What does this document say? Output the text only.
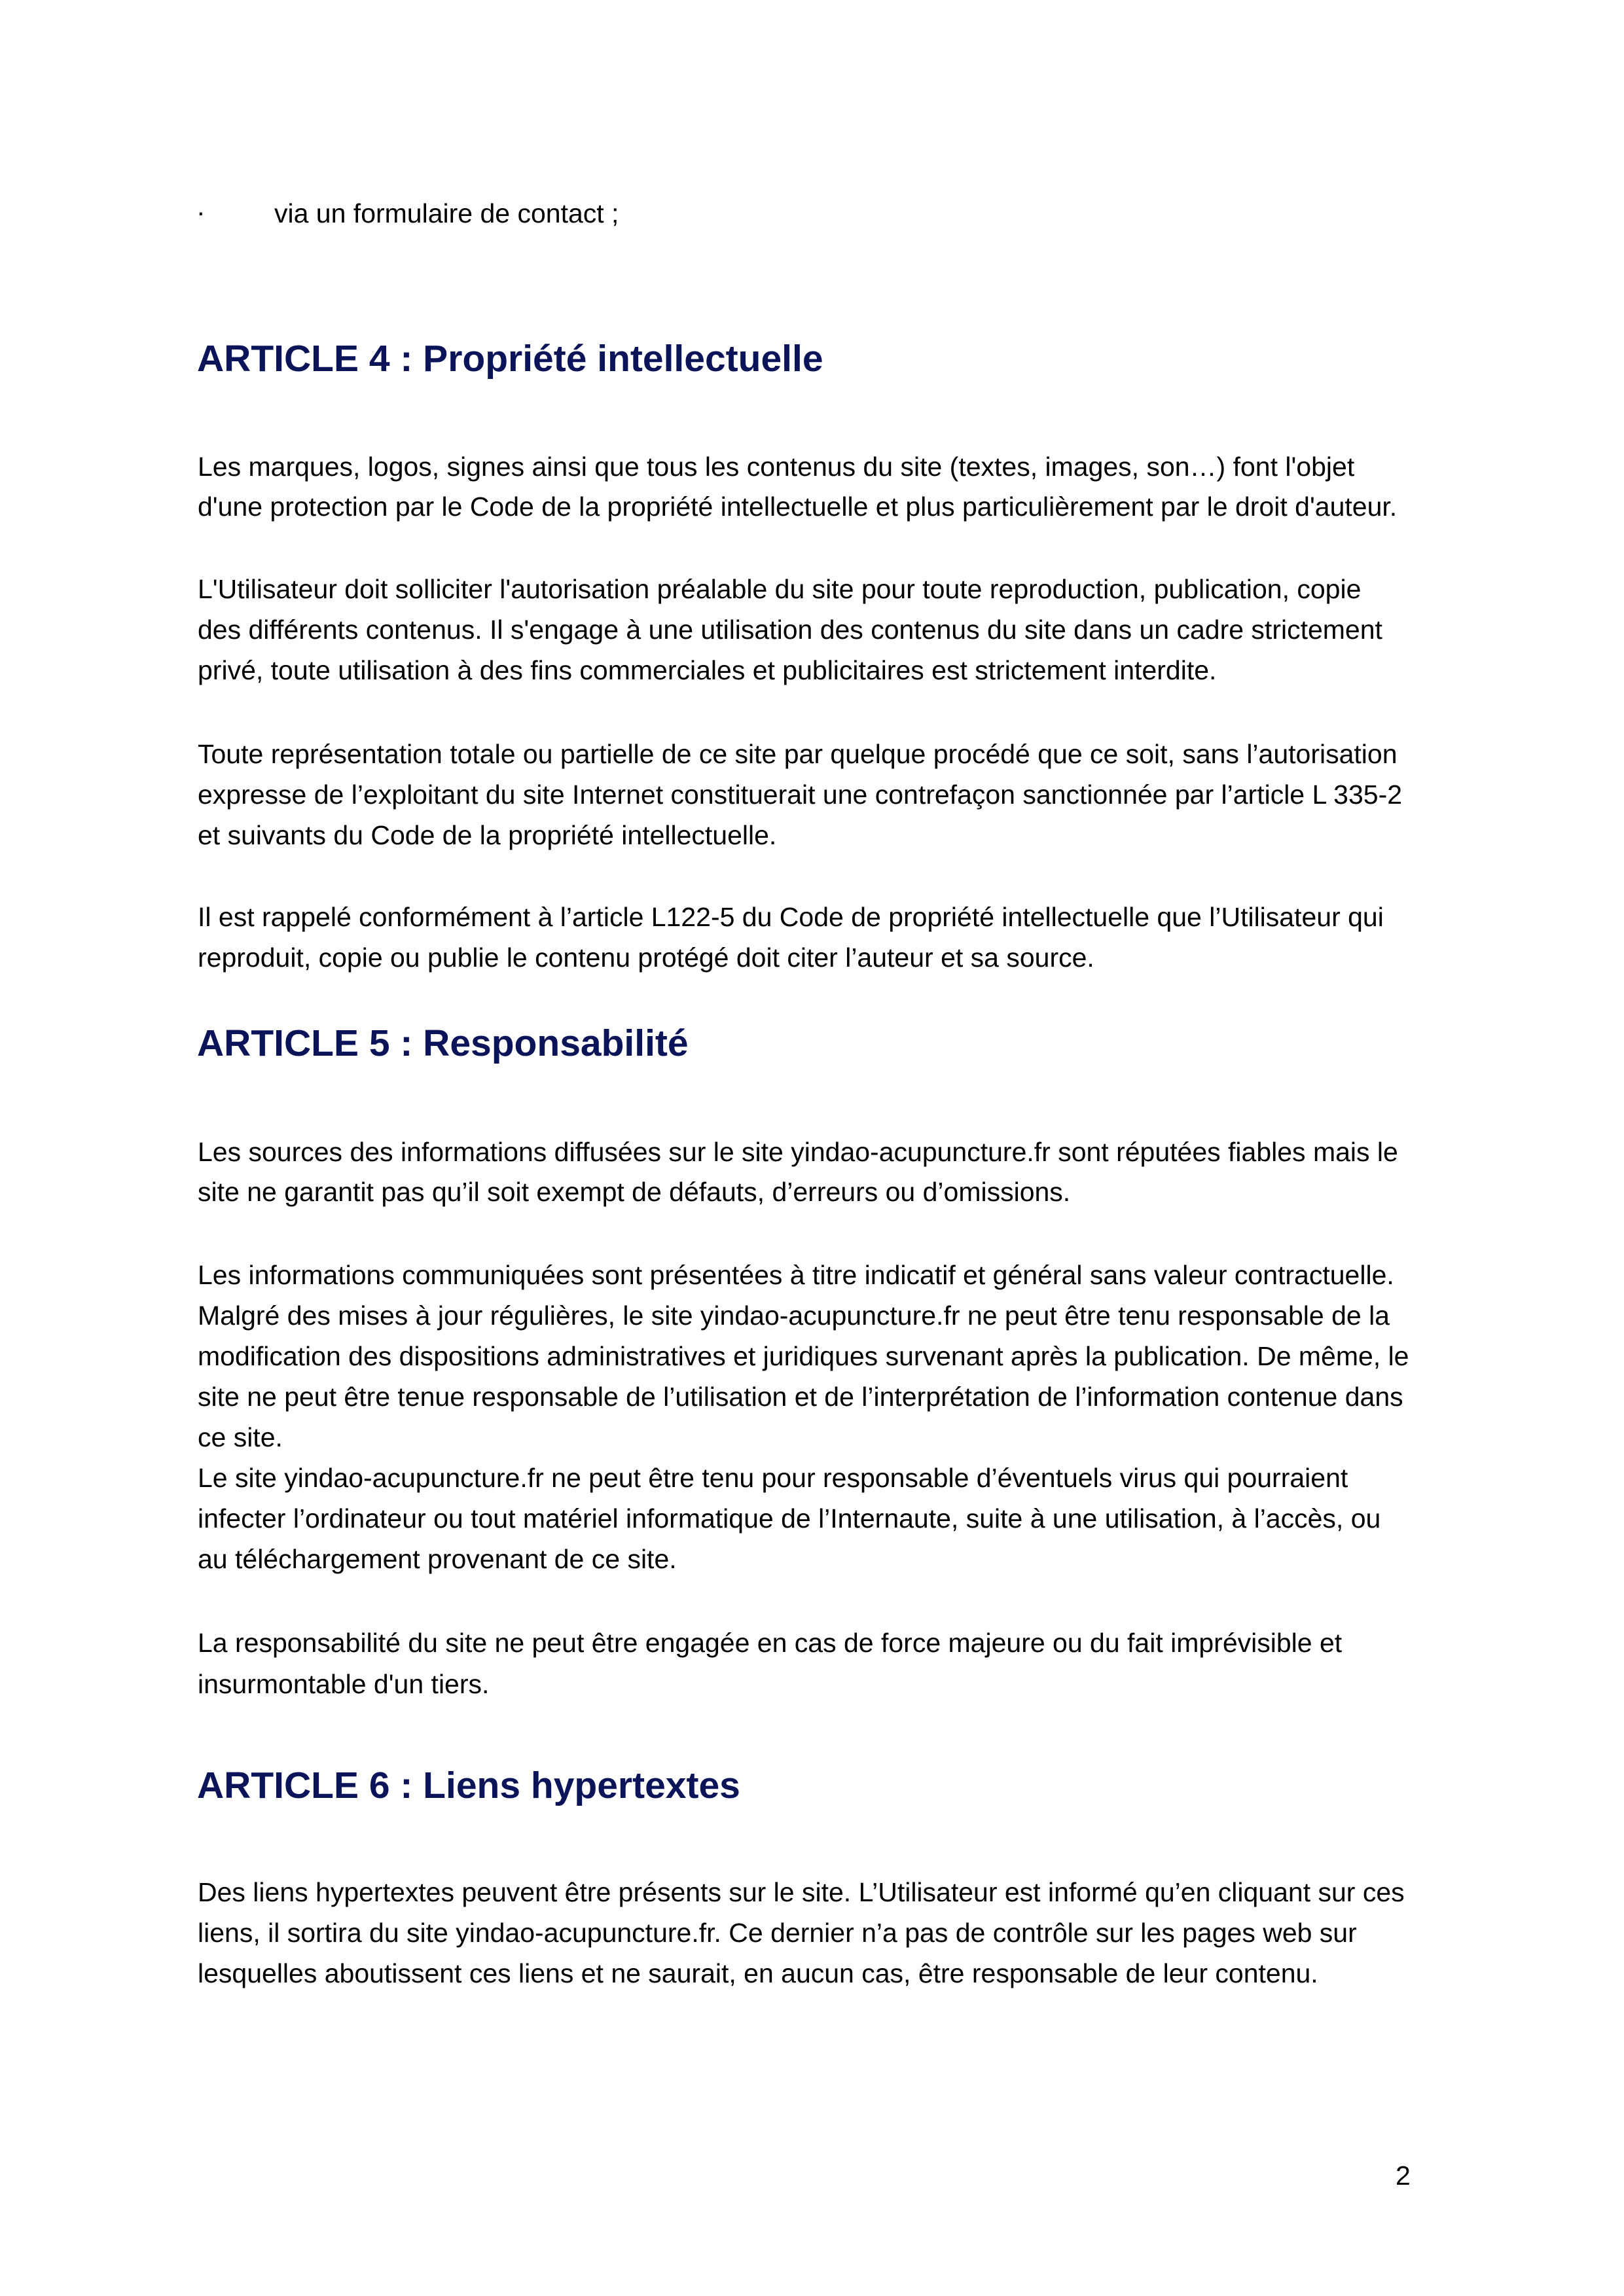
·	via un formulaire de contact ;
ARTICLE 4 : Propriété intellectuelle
Les marques, logos, signes ainsi que tous les contenus du site (textes, images, son…) font l'objet
d'une protection par le Code de la propriété intellectuelle et plus particulièrement par le droit d'auteur.
L'Utilisateur doit solliciter l'autorisation préalable du site pour toute reproduction, publication, copie
des différents contenus. Il s'engage à une utilisation des contenus du site dans un cadre strictement
privé, toute utilisation à des fins commerciales et publicitaires est strictement interdite.
Toute représentation totale ou partielle de ce site par quelque procédé que ce soit, sans l’autorisation
expresse de l’exploitant du site Internet constituerait une contrefaçon sanctionnée par l’article L 335-2
et suivants du Code de la propriété intellectuelle.
Il est rappelé conformément à l’article L122-5 du Code de propriété intellectuelle que l’Utilisateur qui
reproduit, copie ou publie le contenu protégé doit citer l’auteur et sa source.
ARTICLE 5 : Responsabilité
Les sources des informations diffusées sur le site yindao-acupuncture.fr sont réputées fiables mais le
site ne garantit pas qu’il soit exempt de défauts, d’erreurs ou d’omissions.
Les informations communiquées sont présentées à titre indicatif et général sans valeur contractuelle.
Malgré des mises à jour régulières, le site yindao-acupuncture.fr ne peut être tenu responsable de la
modification des dispositions administratives et juridiques survenant après la publication. De même, le
site ne peut être tenue responsable de l’utilisation et de l’interprétation de l’information contenue dans
ce site.
Le site yindao-acupuncture.fr ne peut être tenu pour responsable d’éventuels virus qui pourraient
infecter l’ordinateur ou tout matériel informatique de l’Internaute, suite à une utilisation, à l’accès, ou
au téléchargement provenant de ce site.
La responsabilité du site ne peut être engagée en cas de force majeure ou du fait imprévisible et
insurmontable d'un tiers.
ARTICLE 6 : Liens hypertextes
Des liens hypertextes peuvent être présents sur le site. L’Utilisateur est informé qu’en cliquant sur ces
liens, il sortira du site yindao-acupuncture.fr. Ce dernier n’a pas de contrôle sur les pages web sur
lesquelles aboutissent ces liens et ne saurait, en aucun cas, être responsable de leur contenu.
2
